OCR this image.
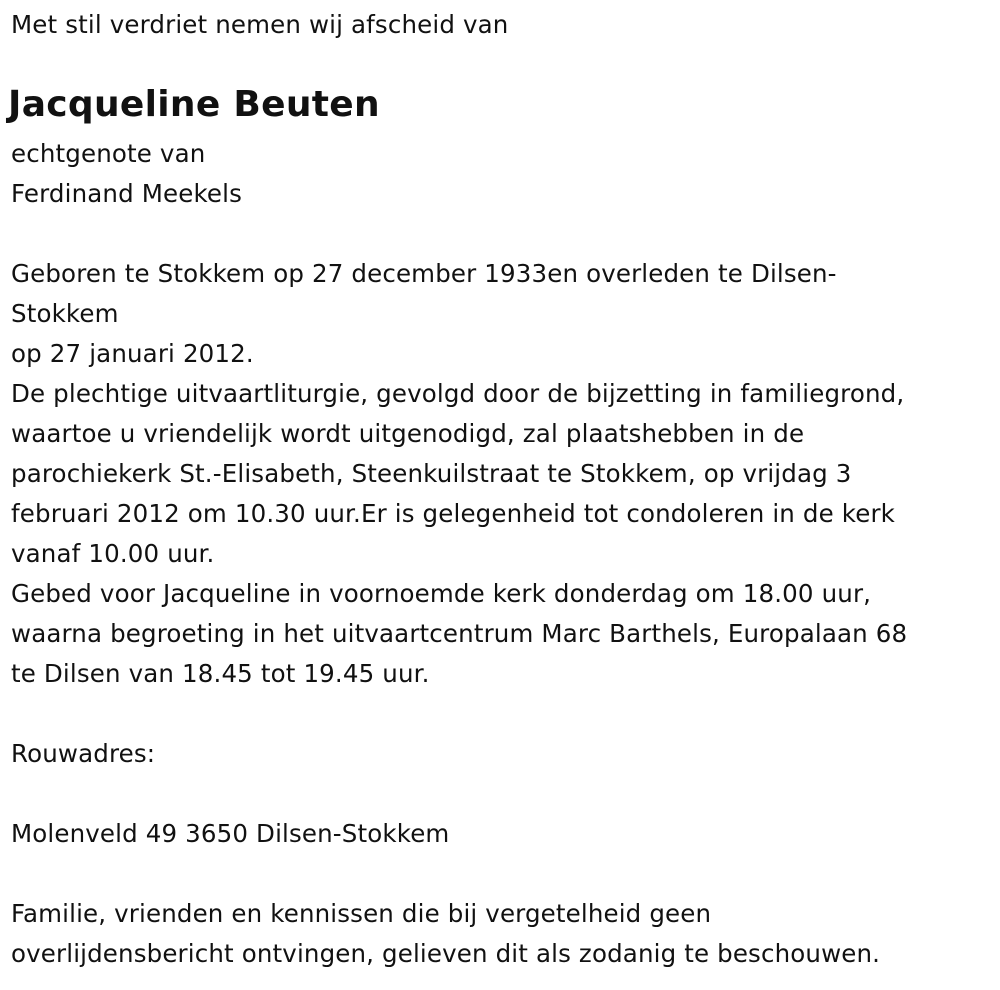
Met stil verdriet nemen wij afscheid van
Jacqueline Beuten
echtgenote van
Ferdinand Meekels
Geboren te Stokkem op 27 december 1933en overleden te Dilsen-
Stokkem
op 27 januari 2012.
De plechtige uitvaartliturgie, gevolgd door de bijzetting in familiegrond,
waartoe u vriendelijk wordt uitgenodigd, zal plaatshebben in de
parochiekerk St.-Elisabeth, Steenkuilstraat te Stokkem, op vrijdag 3
februari 2012 om 10.30 uur.Er is gelegenheid tot condoleren in de kerk
vanaf 10.00 uur.
Gebed voor Jacqueline in voornoemde kerk donderdag om 18.00 uur,
waarna begroeting in het uitvaartcentrum Marc Barthels, Europalaan 68
te Dilsen van 18.45 tot 19.45 uur.
Rouwadres:
Molenveld 49 3650 Dilsen-Stokkem
Familie, vrienden en kennissen die bij vergetelheid geen
overlijdensbericht ontvingen, gelieven dit als zodanig te beschouwen.
